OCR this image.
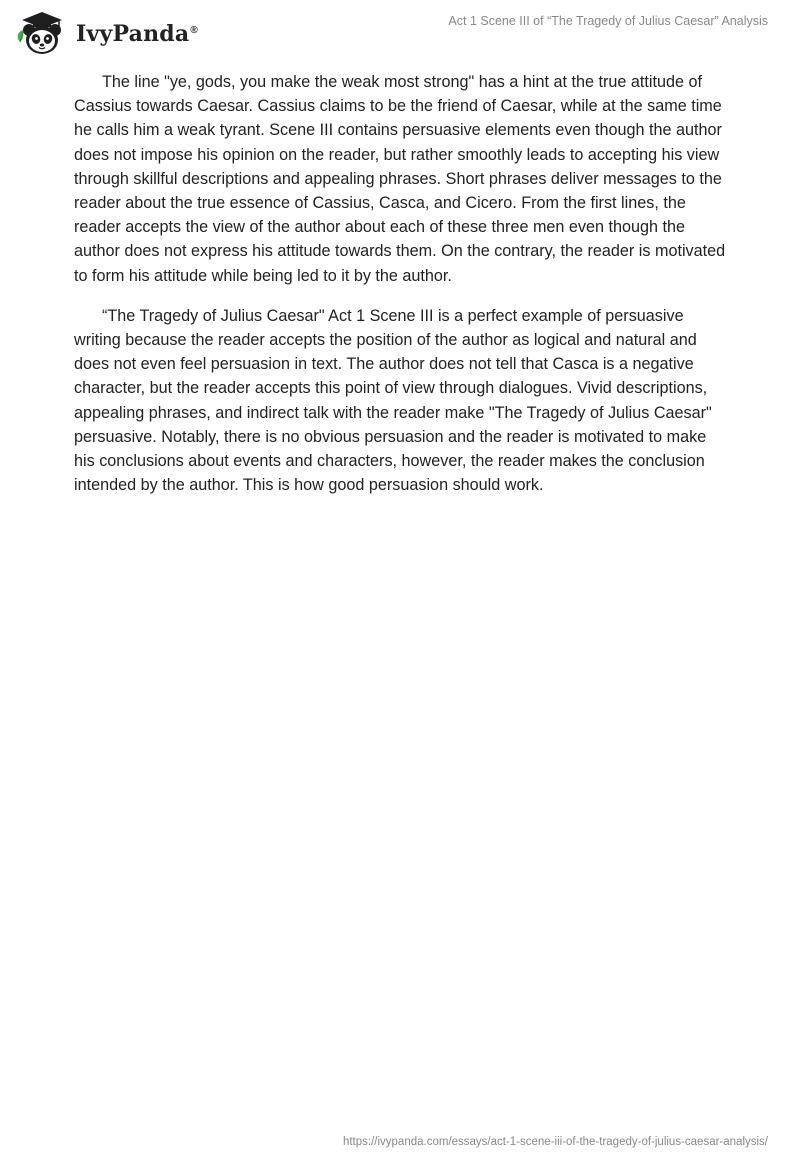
IvyPanda®
Act 1 Scene III of “The Tragedy of Julius Caesar” Analysis

The line "ye, gods, you make the weak most strong" has a hint at the true attitude of Cassius towards Caesar. Cassius claims to be the friend of Caesar, while at the same time he calls him a weak tyrant. Scene III contains persuasive elements even though the author does not impose his opinion on the reader, but rather smoothly leads to accepting his view through skillful descriptions and appealing phrases. Short phrases deliver messages to the reader about the true essence of Cassius, Casca, and Cicero. From the first lines, the reader accepts the view of the author about each of these three men even though the author does not express his attitude towards them. On the contrary, the reader is motivated to form his attitude while being led to it by the author.

“The Tragedy of Julius Caesar" Act 1 Scene III is a perfect example of persuasive writing because the reader accepts the position of the author as logical and natural and does not even feel persuasion in text. The author does not tell that Casca is a negative character, but the reader accepts this point of view through dialogues. Vivid descriptions, appealing phrases, and indirect talk with the reader make "The Tragedy of Julius Caesar" persuasive. Notably, there is no obvious persuasion and the reader is motivated to make his conclusions about events and characters, however, the reader makes the conclusion intended by the author. This is how good persuasion should work.

https://ivypanda.com/essays/act-1-scene-iii-of-the-tragedy-of-julius-caesar-analysis/
